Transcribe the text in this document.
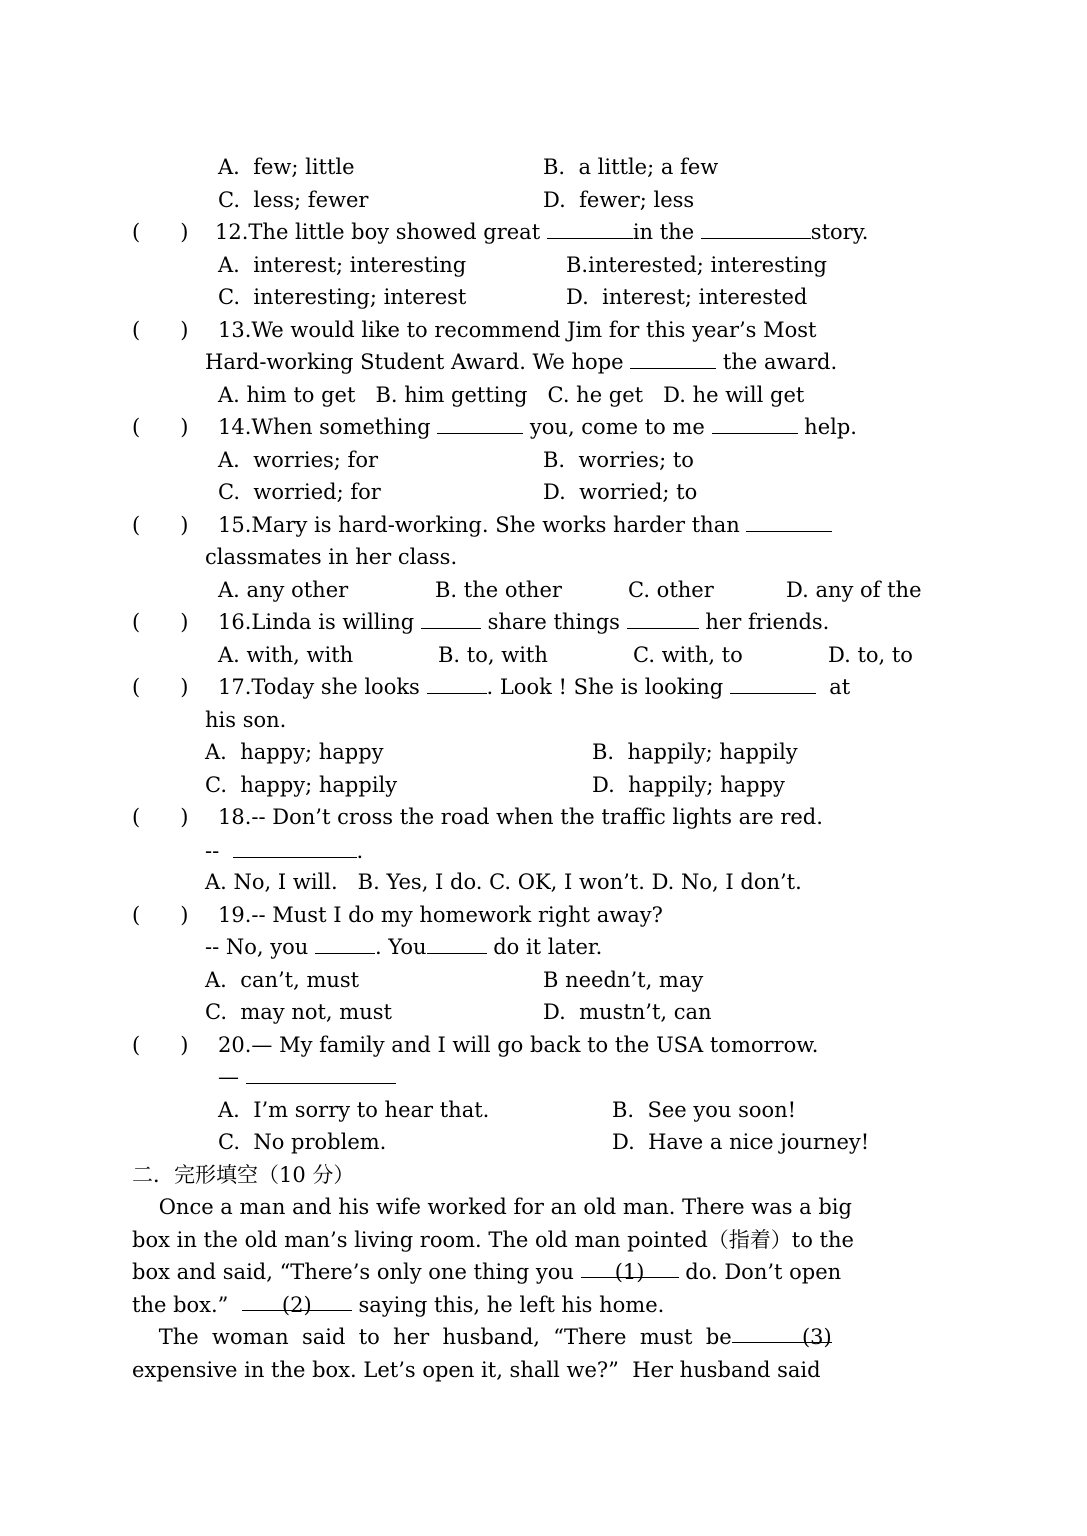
A.  few; little	B.  a little; a few
C.  less; fewer	D.  fewer; less
(      ) 12.The little boy showed great	in the	story.
A.  interest; interesting	B.interested; interesting
C.  interesting; interest	D.  interest; interested
(      ) 13.We would like to recommend Jim for this year’s Most
Hard-working Student Award. We hope	the award.
A. him to get   B. him getting   C. he get   D. he will get
(      ) 14.When something	you, come to me	help.
A.  worries; for	B.  worries; to
C.  worried; for	D.  worried; to
(      ) 15.Mary is hard-working. She works harder than
classmates in her class.
A. any other	B. the other	C. other	D. any of the
(      ) 16.Linda is willing	share things	her friends.
A. with, with	B. to, with	C. with, to	D. to, to
(      ) 17.Today she looks	. Look ! She is looking	at
his son.
A.  happy; happy	B.  happily; happily
C.  happy; happily	D.  happily; happy
(      ) 18.-- Don’t cross the road when the traffic lights are red.
--	.
A. No, I will.   B. Yes, I do. C. OK, I won’t. D. No, I don’t.
(      ) 19.-- Must I do my homework right away?
-- No, you	. You	do it later.
A.  can’t, must	B needn’t, may
C.  may not, must	D.  mustn’t, can
(      ) 20.— My family and I will go back to the USA tomorrow.
—
A.  I’m sorry to hear that.	B.  See you soon!
C.  No problem.	D.  Have a nice journey!
二．完形填空（10 分）
Once a man and his wife worked for an old man. There was a big
box in the old man’s living room. The old man pointed（指着）to the
box and said, “There’s only one thing you (1) do. Don’t open
the box.”  (2) saying this, he left his home.
The  woman  said  to  her  husband,  “There  must  be	(3)
expensive in the box. Let’s open it, shall we?”  Her husband said
